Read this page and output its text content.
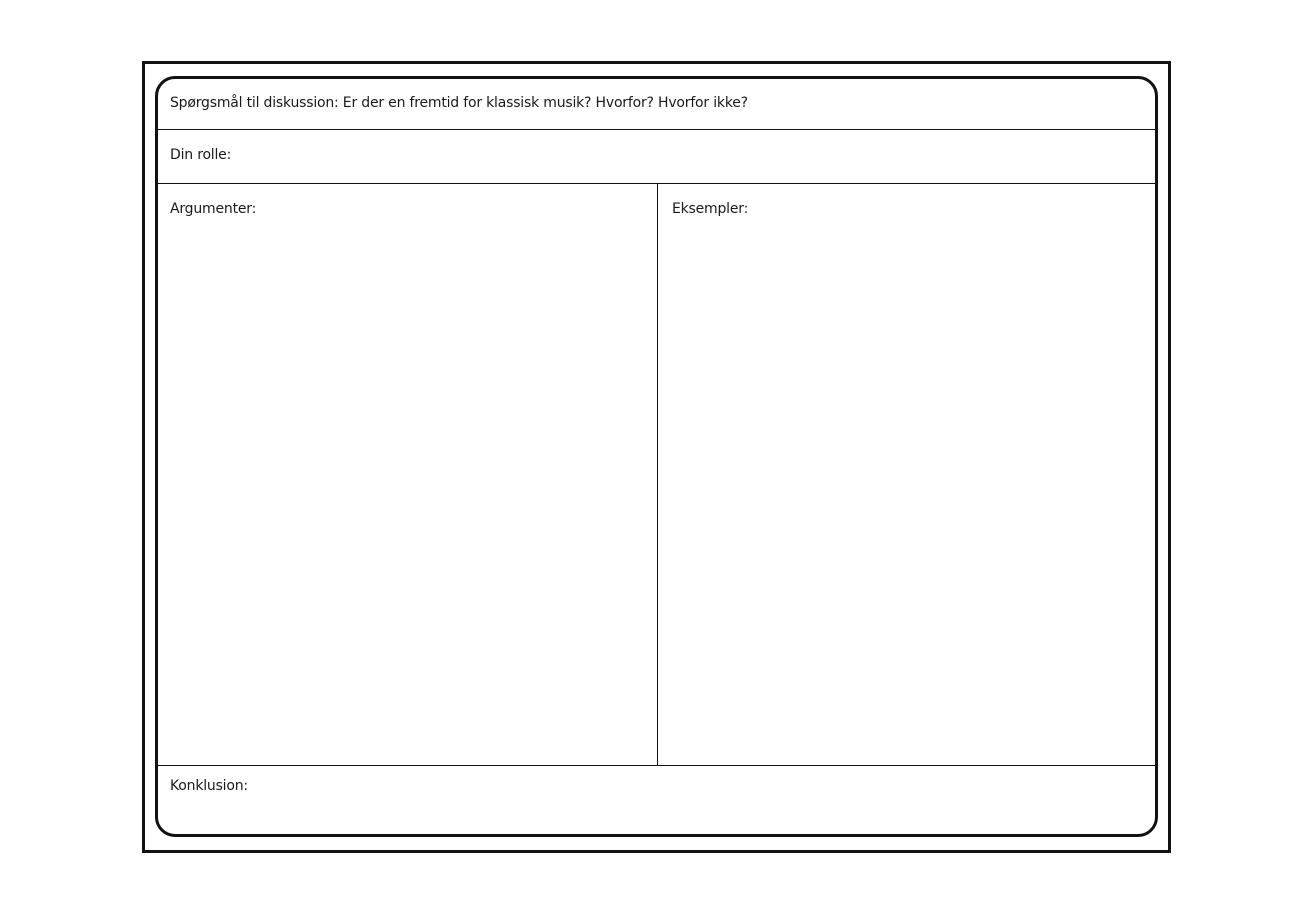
Spørgsmål til diskussion: Er der en fremtid for klassisk musik? Hvorfor? Hvorfor ikke?
Din rolle:
Argumenter:	Eksempler:
Konklusion:
